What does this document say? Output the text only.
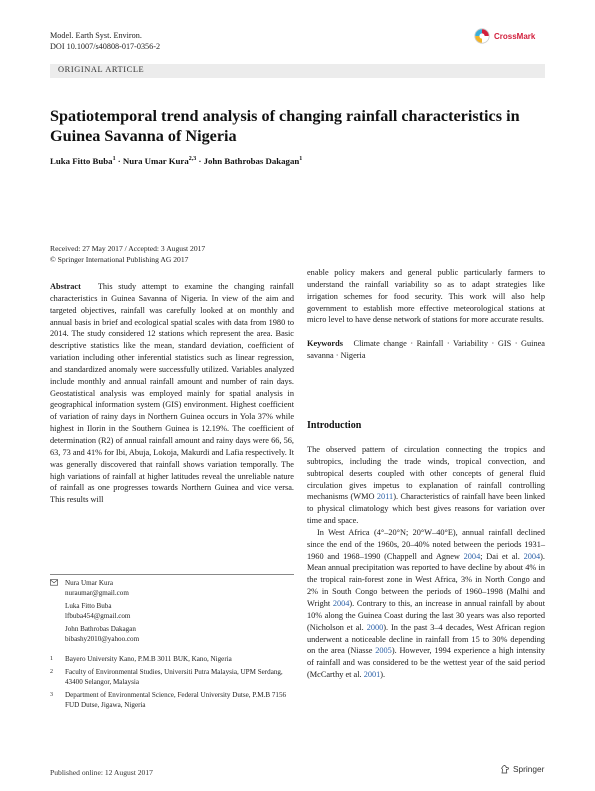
Model. Earth Syst. Environ.
DOI 10.1007/s40808-017-0356-2
CrossMark
ORIGINAL ARTICLE
Spatiotemporal trend analysis of changing rainfall characteristics in Guinea Savanna of Nigeria
Luka Fitto Buba$^1$ · Nura Umar Kura$^{2,3}$ · John Bathrobas Dakagan$^1$
Received: 27 May 2017 / Accepted: 3 August 2017
© Springer International Publishing AG 2017

Abstract This study attempt to examine the changing rainfall characteristics in Guinea Savanna of Nigeria. In view of the aim and targeted objectives, rainfall was carefully looked at on monthly and annual basis in brief and ecological spatial scales with data from 1980 to 2014. The study considered 12 stations which represent the area. Basic descriptive statistics like the mean, standard deviation, coefficient of variation including other inferential statistics such as linear regression, and standardized anomaly were successfully utilized. Variables analyzed include monthly and annual rainfall amount and number of rain days. Geostatistical analysis was employed mainly for spatial analysis in geographical information system (GIS) environment. Highest coefficient of variation of rainy days in Northern Guinea occurs in Yola 37% while highest in Ilorin in the Southern Guinea is 12.19%. The coefficient of determination (R2) of annual rainfall amount and rainy days were 66, 56, 63, 73 and 41% for Ibi, Abuja, Lokoja, Makurdi and Lafia respectively. It was generally discovered that rainfall shows variation temporally. The high variations of rainfall at higher latitudes reveal the unreliable nature of rainfall as one progresses towards Northern Guinea and vice versa. This results will

enable policy makers and general public particularly farmers to understand the rainfall variability so as to adapt strategies like irrigation schemes for food security. This work will also help government to establish more effective meteorological stations at micro level to have dense network of stations for more accurate results.

Keywords Climate change · Rainfall · Variability · GIS · Guinea savanna · Nigeria

Introduction

The observed pattern of circulation connecting the tropics and subtropics, including the trade winds, tropical convection, and subtropical deserts coupled with other concepts of general fluid circulation gives impetus to explanation of rainfall controlling mechanisms (WMO 2011). Characteristics of rainfall have been linked to physical climatology which best gives reasons for variation over time and space.

In West Africa (4°–20°N; 20°W–40°E), annual rainfall declined since the end of the 1960s, 20–40% noted between the periods 1931–1960 and 1968–1990 (Chappell and Agnew 2004; Dai et al. 2004). Mean annual precipitation was reported to have decline by about 4% in the tropical rain-forest zone in West Africa, 3% in North Congo and 2% in South Congo between the periods of 1960–1998 (Malhi and Wright 2004). Contrary to this, an increase in annual rainfall by about 10% along the Guinea Coast during the last 30 years was also reported (Nicholson et al. 2000). In the past 3–4 decades, West African region underwent a noticeable decline in rainfall from 15 to 30% depending on the area (Niasse 2005). However, 1994 experience a high intensity of rainfall and was considered to be the wettest year of the said period (McCarthy et al. 2001).

Nura Umar Kura
nuraumar@gmail.com
Luka Fitto Buba
lfbuba454@gmail.com
John Bathrobas Dakagan
bibashy2010@yahoo.com
1	Bayero University Kano, P.M.B 3011 BUK, Kano, Nigeria
2	Faculty of Environmental Studies, Universiti Putra Malaysia, UPM Serdang, 43400 Selangor, Malaysia
3	Department of Environmental Science, Federal University Dutse, P.M.B 7156 FUD Dutse, Jigawa, Nigeria
Published online: 12 August 2017	Springer
